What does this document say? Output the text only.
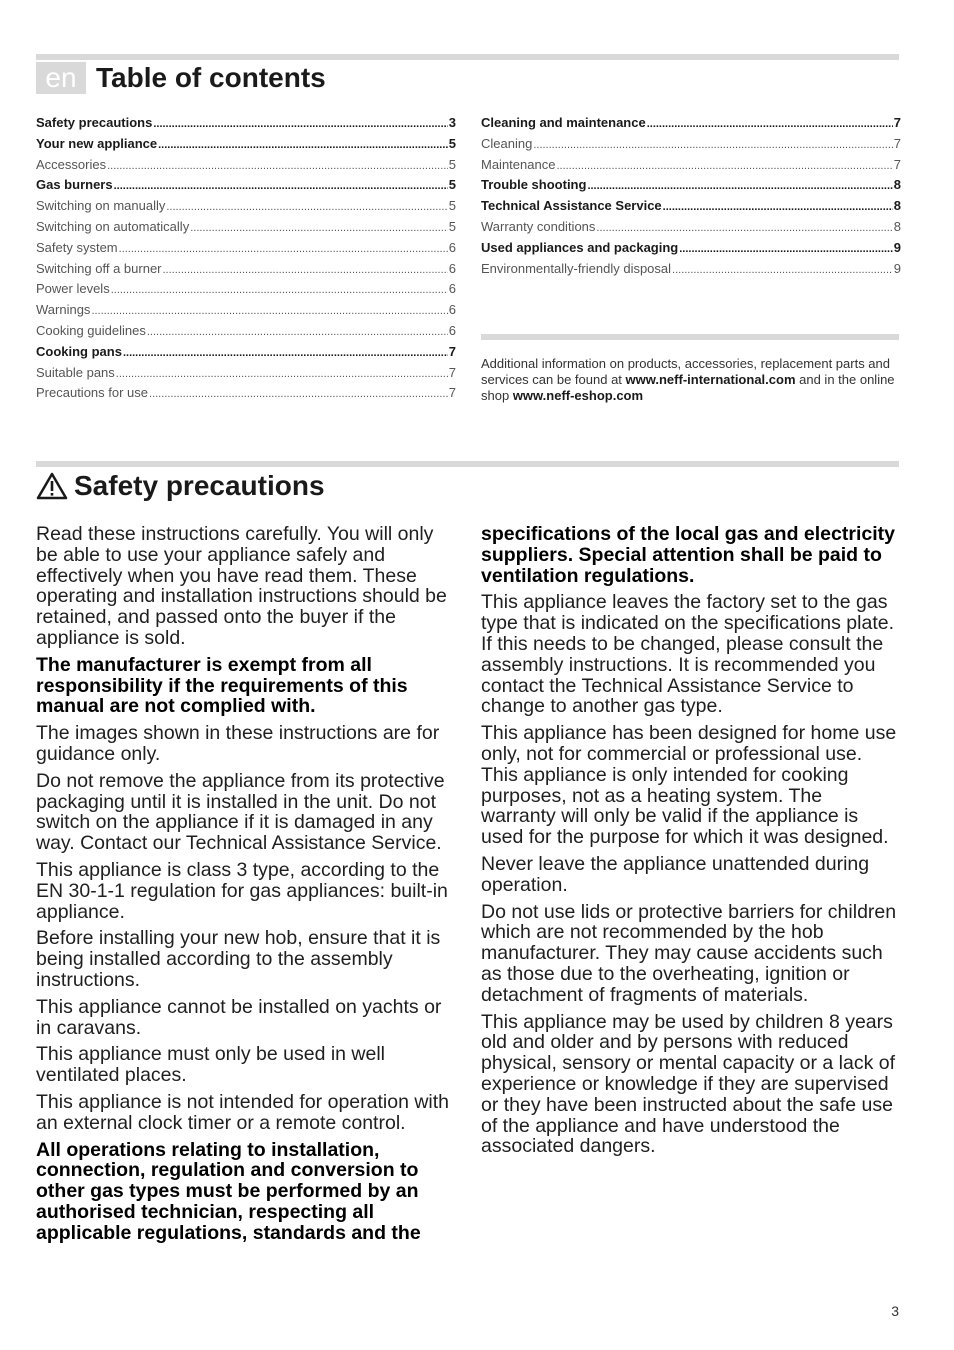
en Table of contents
Safety precautions .....	3
Your new appliance .....	5
Accessories .....	5
Gas burners .....	5
Switching on manually .....	5
Switching on automatically .....	5
Safety system .....	6
Switching off a burner .....	6
Power levels .....	6
Warnings .....	6
Cooking guidelines .....	6
Cooking pans .....	7
Suitable pans .....	7
Precautions for use .....	7
Cleaning and maintenance .....	7
Cleaning .....	7
Maintenance .....	7
Trouble shooting .....	8
Technical Assistance Service .....	8
Warranty conditions .....	8
Used appliances and packaging .....	9
Environmentally-friendly disposal .....	9
Additional information on products, accessories, replacement parts and services can be found at www.neff-international.com and in the online shop www.neff-eshop.com
Safety precautions

Read these instructions carefully. You will only be able to use your appliance safely and effectively when you have read them. These operating and installation instructions should be retained, and passed onto the buyer if the appliance is sold.

The manufacturer is exempt from all responsibility if the requirements of this manual are not complied with.

The images shown in these instructions are for guidance only.

Do not remove the appliance from its protective packaging until it is installed in the unit. Do not switch on the appliance if it is damaged in any way. Contact our Technical Assistance Service.

This appliance is class 3 type, according to the EN 30-1-1 regulation for gas appliances: built-in appliance.

Before installing your new hob, ensure that it is being installed according to the assembly instructions.

This appliance cannot be installed on yachts or in caravans.

This appliance must only be used in well ventilated places.

This appliance is not intended for operation with an external clock timer or a remote control.

All operations relating to installation, connection, regulation and conversion to other gas types must be performed by an authorised technician, respecting all applicable regulations, standards and the

specifications of the local gas and electricity suppliers. Special attention shall be paid to ventilation regulations.

This appliance leaves the factory set to the gas type that is indicated on the specifications plate. If this needs to be changed, please consult the assembly instructions. It is recommended you contact the Technical Assistance Service to change to another gas type.

This appliance has been designed for home use only, not for commercial or professional use. This appliance is only intended for cooking purposes, not as a heating system. The warranty will only be valid if the appliance is used for the purpose for which it was designed.

Never leave the appliance unattended during operation.

Do not use lids or protective barriers for children which are not recommended by the hob manufacturer. They may cause accidents such as those due to the overheating, ignition or detachment of fragments of materials.

This appliance may be used by children 8 years old and older and by persons with reduced physical, sensory or mental capacity or a lack of experience or knowledge if they are supervised or they have been instructed about the safe use of the appliance and have understood the associated dangers.

3
